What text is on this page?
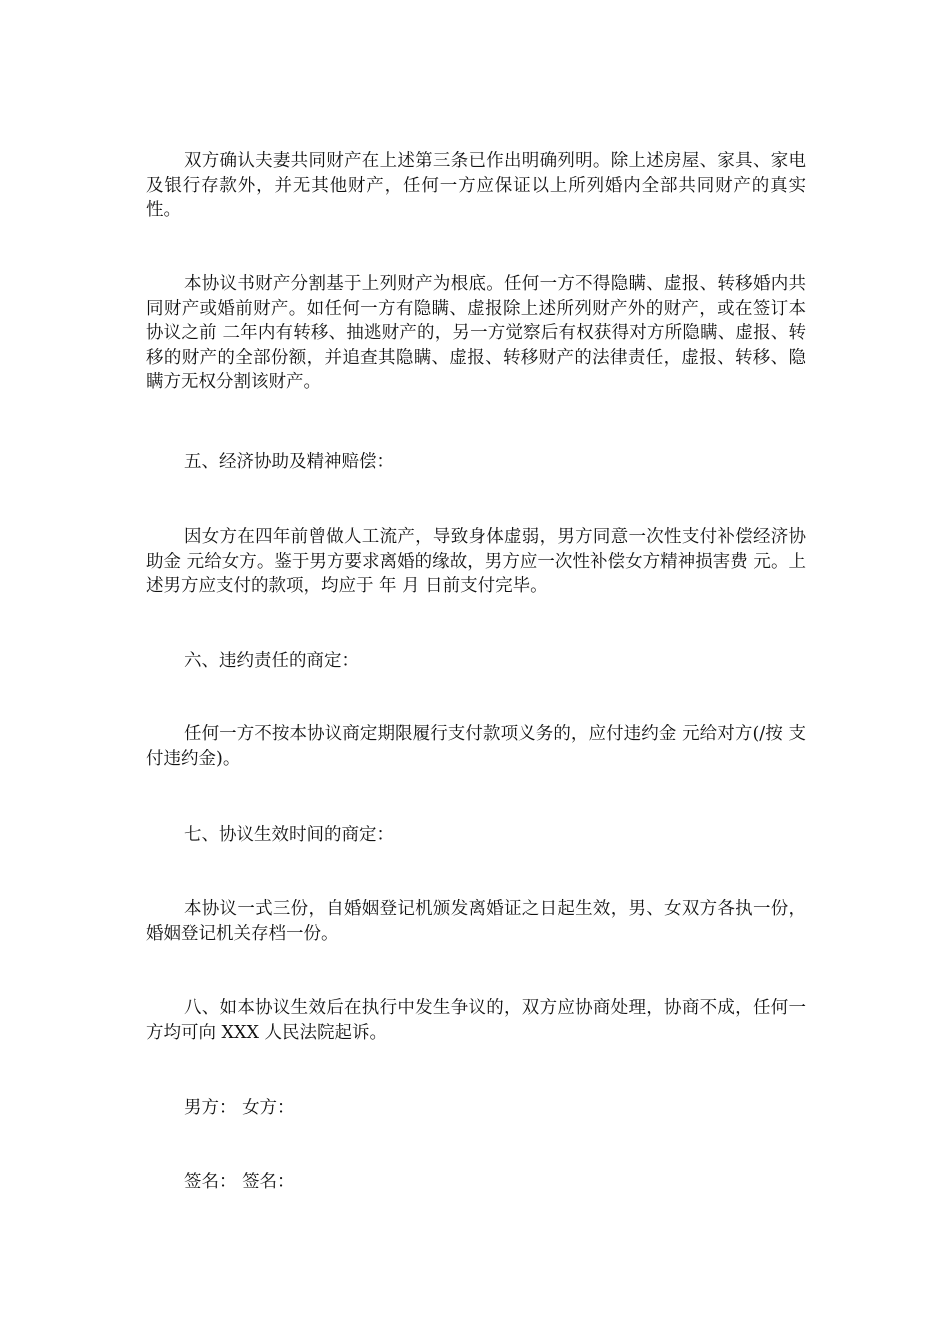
双方确认夫妻共同财产在上述第三条已作出明确列明。除上述房屋、家具、家电及银行存款外，并无其他财产，任何一方应保证以上所列婚内全部共同财产的真实性。

本协议书财产分割基于上列财产为根底。任何一方不得隐瞒、虚报、转移婚内共同财产或婚前财产。如任何一方有隐瞒、虚报除上述所列财产外的财产，或在签订本协议之前 二年内有转移、抽逃财产的，另一方觉察后有权获得对方所隐瞒、虚报、转移的财产的全部份额，并追查其隐瞒、虚报、转移财产的法律责任，虚报、转移、隐瞒方无权分割该财产。

五、经济协助及精神赔偿：

因女方在四年前曾做人工流产，导致身体虚弱，男方同意一次性支付补偿经济协助金 元给女方。鉴于男方要求离婚的缘故，男方应一次性补偿女方精神损害费 元。上述男方应支付的款项，均应于 年 月 日前支付完毕。

六、违约责任的商定：

任何一方不按本协议商定期限履行支付款项义务的，应付违约金 元给对方(/按 支付违约金)。

七、协议生效时间的商定：

本协议一式三份，自婚姻登记机颁发离婚证之日起生效，男、女双方各执一份，婚姻登记机关存档一份。

八、如本协议生效后在执行中发生争议的，双方应协商处理，协商不成，任何一方均可向 XXX 人民法院起诉。

男方： 女方：

签名： 签名：
